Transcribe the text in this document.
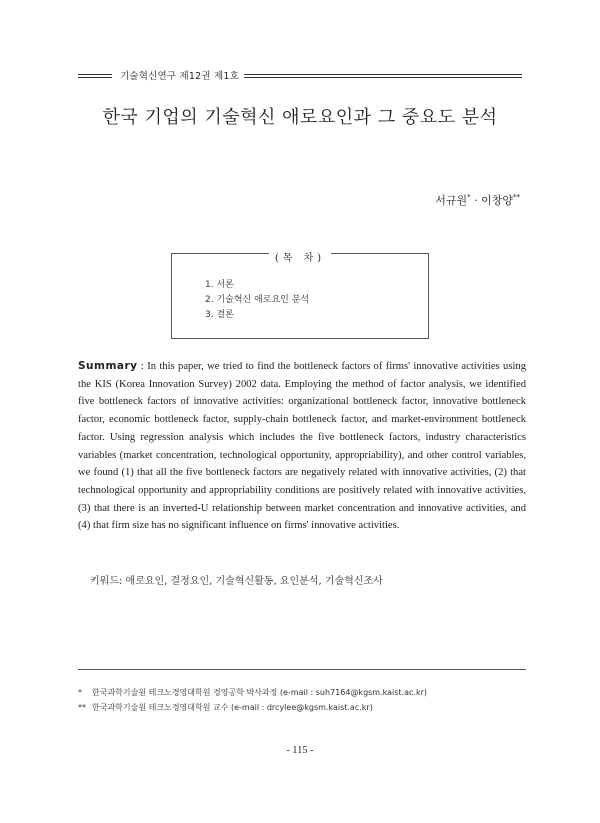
기술혁신연구 제12권 제1호
한국 기업의 기술혁신 애로요인과 그 중요도 분석
서규원* · 이창양**
(목 차)
1. 서론
2. 기술혁신 애로요인 분석
3. 결론
Summary : In this paper, we tried to find the bottleneck factors of firms' innovative activities using the KIS (Korea Innovation Survey) 2002 data. Employing the method of factor analysis, we identified five bottleneck factors of innovative activities: organizational bottleneck factor, innovative bottleneck factor, economic bottleneck factor, supply-chain bottleneck factor, and market-environment bottleneck factor. Using regression analysis which includes the five bottleneck factors, industry characteristics variables (market concentration, technological opportunity, appropriability), and other control variables, we found (1) that all the five bottleneck factors are negatively related with innovative activities, (2) that technological opportunity and appropriability conditions are positively related with innovative activities, (3) that there is an inverted-U relationship between market concentration and innovative activities, and (4) that firm size has no significant influence on firms' innovative activities.
키워드: 애로요인, 결정요인, 기술혁신활동, 요인분석, 기술혁신조사
* 한국과학기술원 테크노경영대학원 경영공학 박사과정 (e-mail : suh7164@kgsm.kaist.ac.kr)
** 한국과학기술원 테크노경영대학원 교수 (e-mail : drcylee@kgsm.kaist.ac.kr)
- 115 -
